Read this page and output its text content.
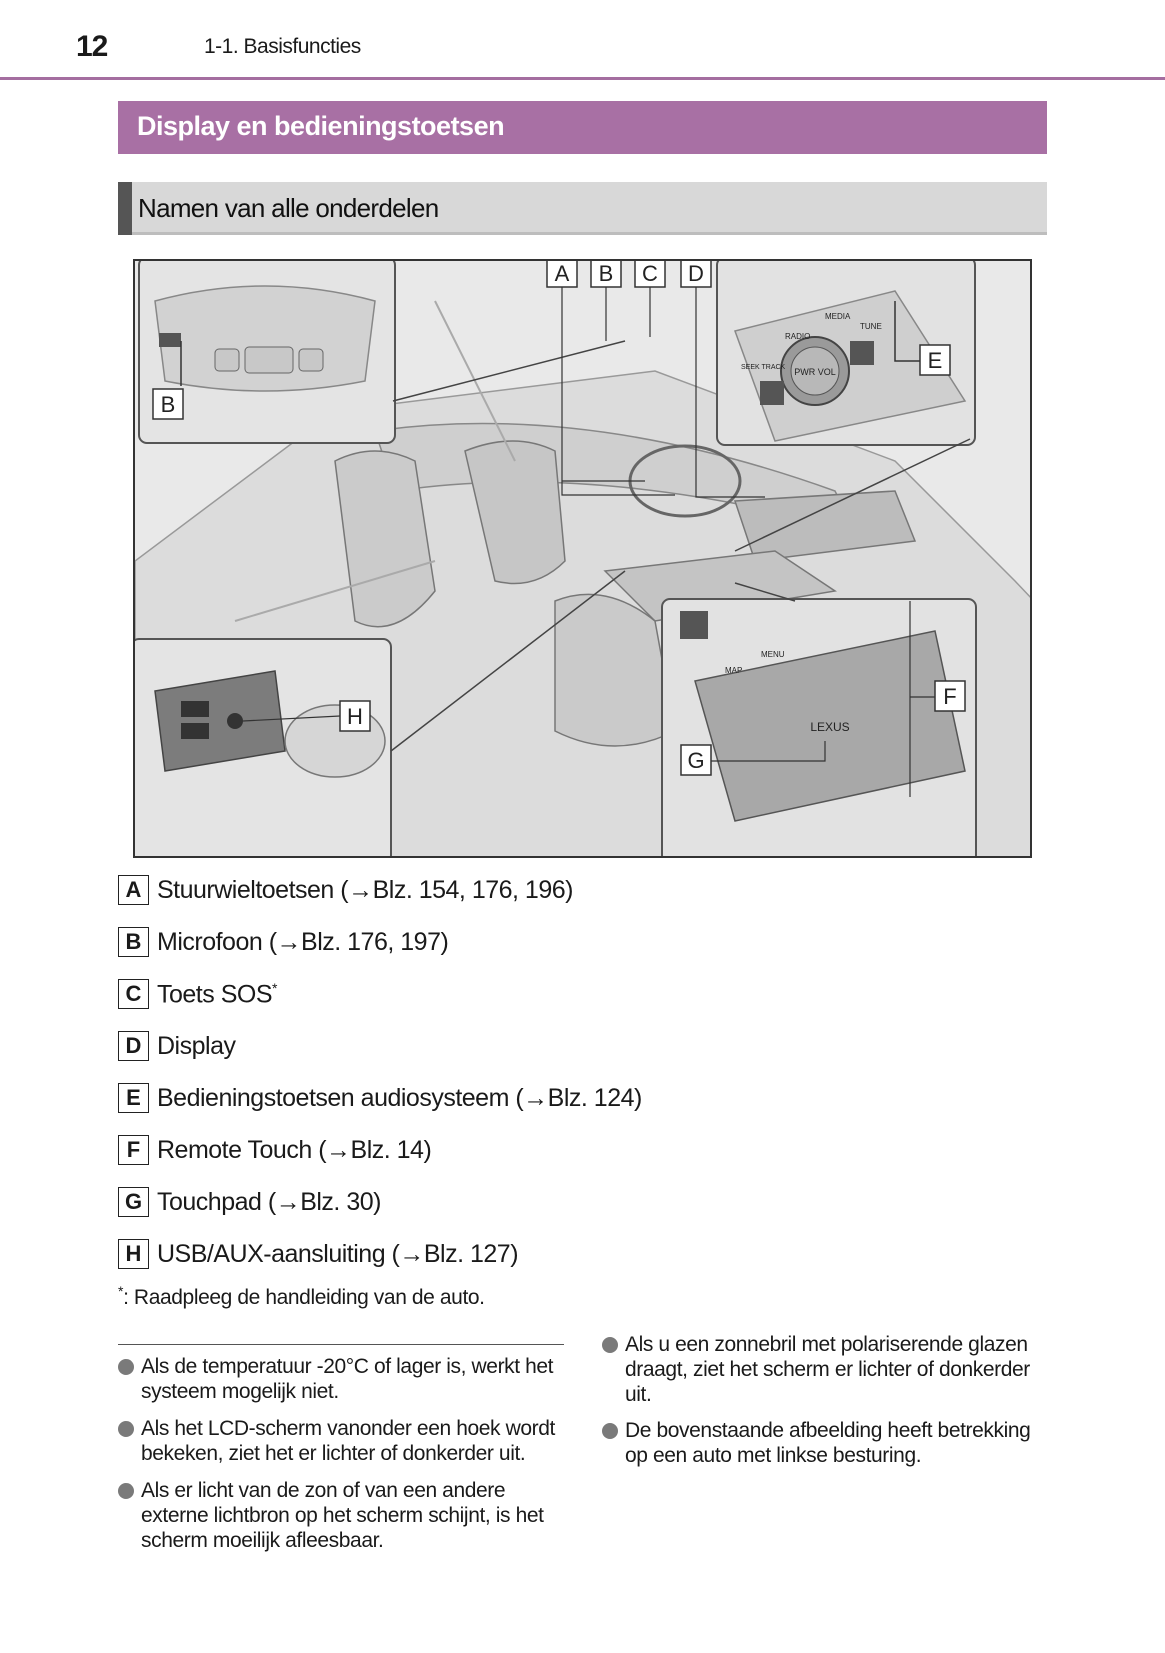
12	1-1. Basisfuncties
Display en bedieningstoetsen
Namen van alle onderdelen
B
PWR VOL
RADIO
MEDIA
TUNE
SEEK TRACK	E
A B C D
H	LEXUS
MAP
MENU
G
F
A Stuurwieltoetsen (→Blz. 154, 176, 196)
B Microfoon (→Blz. 176, 197)
C Toets SOS*
D Display
E Bedieningstoetsen audiosysteem (→Blz. 124)
F Remote Touch (→Blz. 14)
G Touchpad (→Blz. 30)
H USB/AUX-aansluiting (→Blz. 127)
*: Raadpleeg de handleiding van de auto.
Als de temperatuur -20°C of lager is, werkt het systeem mogelijk niet.
Als het LCD-scherm vanonder een hoek wordt bekeken, ziet het er lichter of donkerder uit.
Als er licht van de zon of van een andere externe lichtbron op het scherm schijnt, is het scherm moeilijk afleesbaar.
Als u een zonnebril met polariserende glazen draagt, ziet het scherm er lichter of donkerder uit.
De bovenstaande afbeelding heeft betrekking op een auto met linkse besturing.
